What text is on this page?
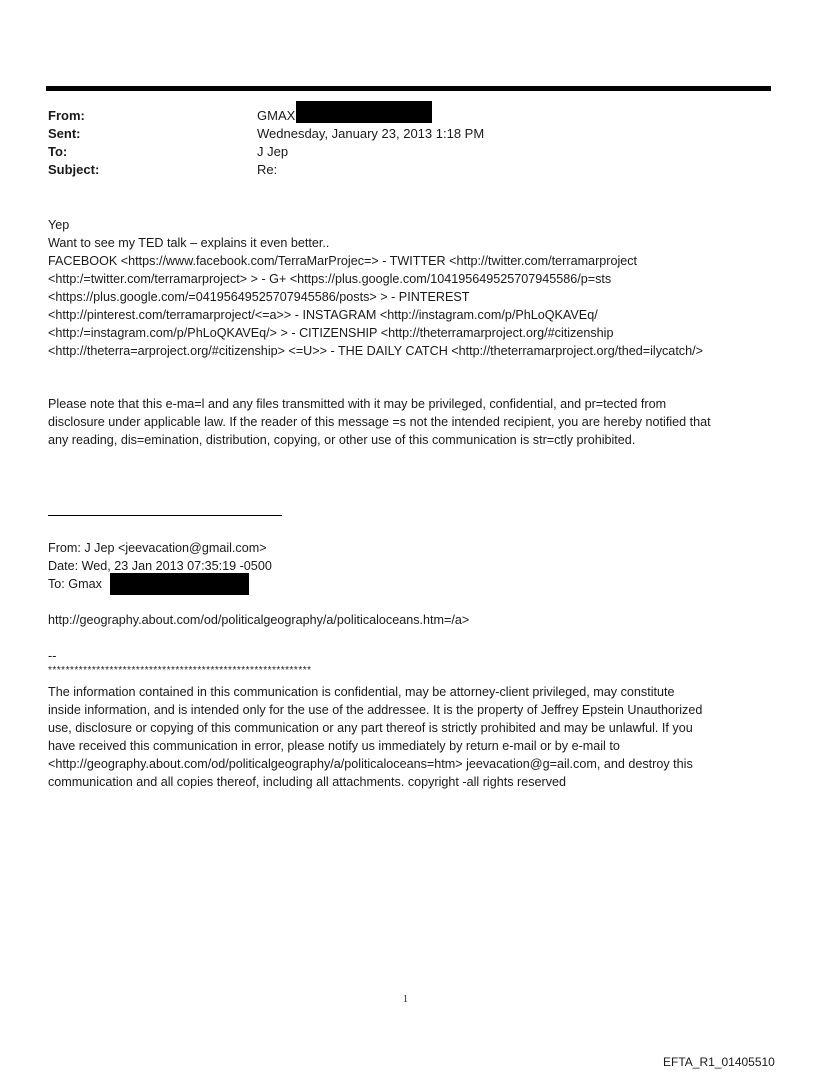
From:	GMAX
Sent:	Wednesday, January 23, 2013 1:18 PM
To:	J Jep
Subject:	Re:
Yep
Want to see my TED talk – explains it even better..
FACEBOOK <https://www.facebook.com/TerraMarProjec=> - TWITTER <http://twitter.com/terramarproject
<http:/=twitter.com/terramarproject> > - G+ <https://plus.google.com/104195649525707945586/p=sts
<https://plus.google.com/=04195649525707945586/posts> > - PINTEREST
<http://pinterest.com/terramarproject/<=a>> - INSTAGRAM <http://instagram.com/p/PhLoQKAVEq/
<http:/=instagram.com/p/PhLoQKAVEq/> > - CITIZENSHIP <http://theterramarproject.org/#citizenship
<http://theterra=arproject.org/#citizenship> <=U>> - THE DAILY CATCH <http://theterramarproject.org/thed=ilycatch/>
Please note that this e-ma=l and any files transmitted with it may be privileged, confidential, and pr=tected from
disclosure under applicable law. If the reader of this message =s not the intended recipient, you are hereby notified that
any reading, dis=emination, distribution, copying, or other use of this communication is str=ctly prohibited.
From: J Jep <jeevacation@gmail.com>
Date: Wed, 23 Jan 2013 07:35:19 -0500
To: Gmax
http://geography.about.com/od/politicalgeography/a/politicaloceans.htm=/a>
--
************************************************************
The information contained in this communication is confidential, may be attorney-client privileged, may constitute
inside information, and is intended only for the use of the addressee. It is the property of Jeffrey Epstein Unauthorized
use, disclosure or copying of this communication or any part thereof is strictly prohibited and may be unlawful. If you
have received this communication in error, please notify us immediately by return e-mail or by e-mail to
<http://geography.about.com/od/politicalgeography/a/politicaloceans=htm> jeevacation@g=ail.com, and destroy this
communication and all copies thereof, including all attachments. copyright -all rights reserved
1
EFTA_R1_01405510
